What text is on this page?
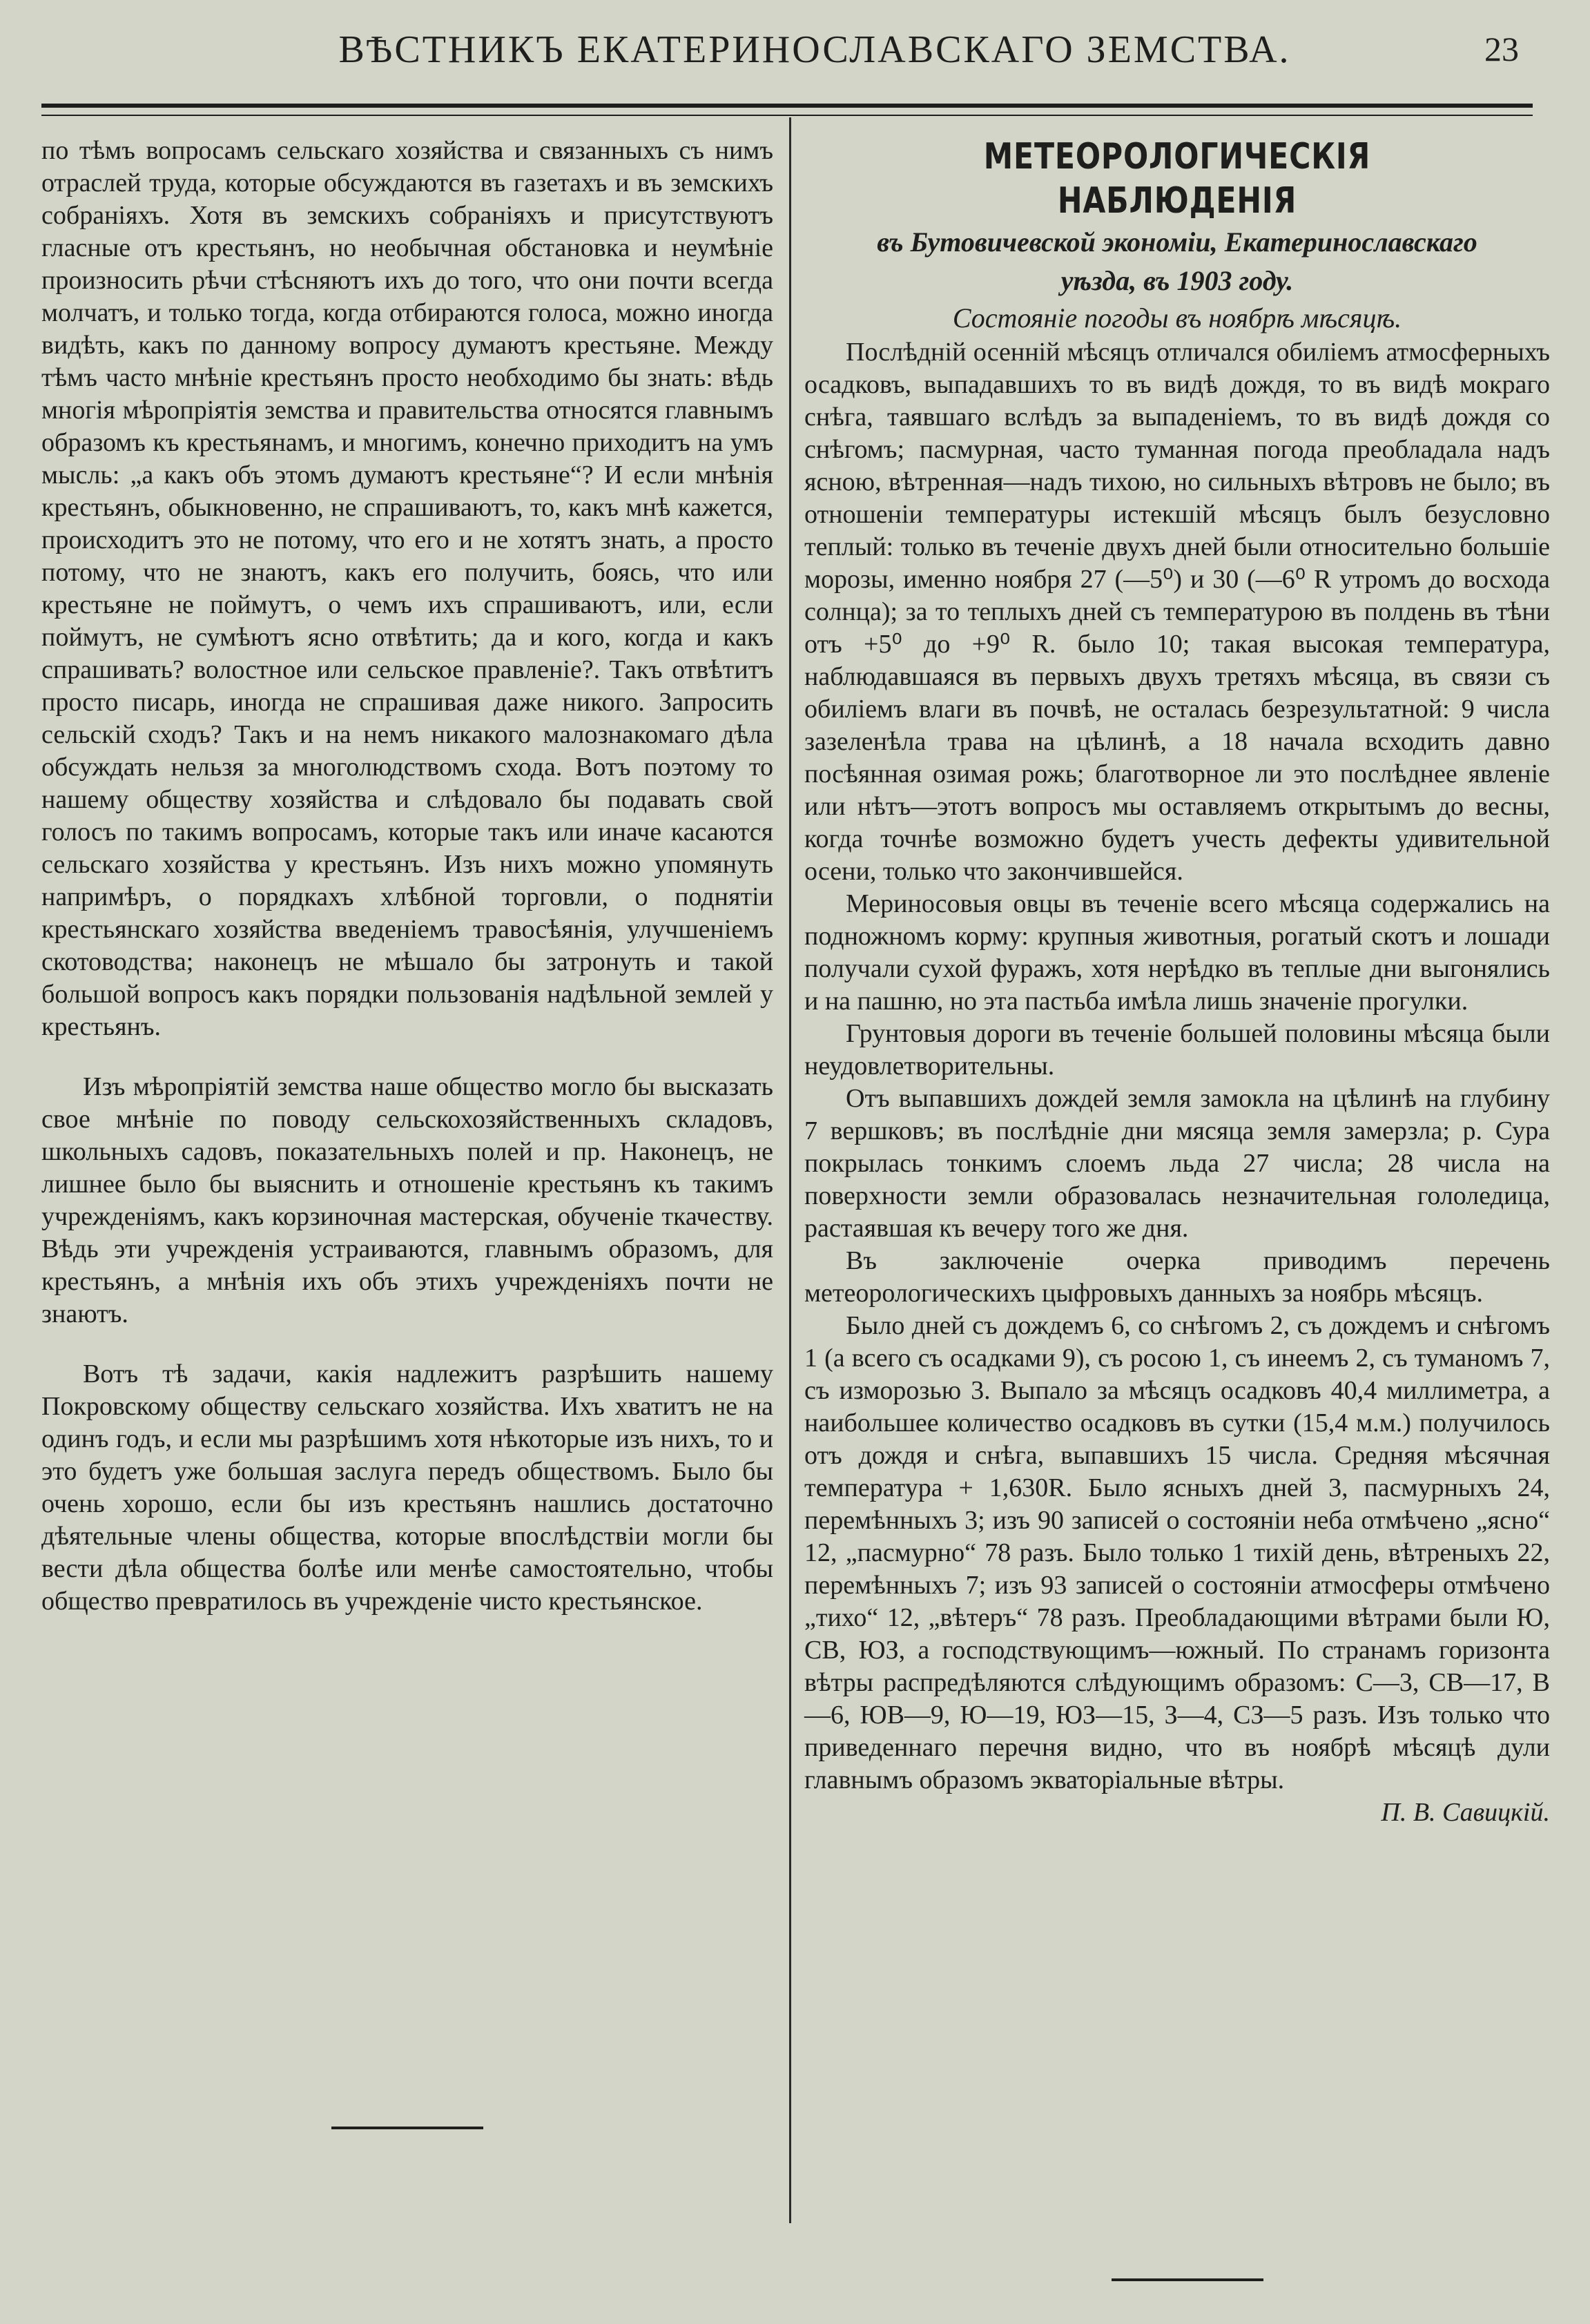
ВѢСТНИКЪ ЕКАТЕРИНОСЛАВСКАГО ЗЕМСТВА.	23

по тѣмъ вопросамъ сельскаго хозяйства и связанныхъ съ нимъ отраслей труда, которые обсуждаются въ газетахъ и въ земскихъ собраніяхъ. Хотя въ земскихъ собраніяхъ и присутствуютъ гласные отъ крестьянъ, но необычная обстановка и неумѣніе произносить рѣчи стѣсняютъ ихъ до того, что они почти всегда молчатъ, и только тогда, когда отбираются голоса, можно иногда видѣть, какъ по данному вопросу думаютъ крестьяне. Между тѣмъ часто мнѣніе крестьянъ просто необходимо бы знать: вѣдь многія мѣропріятія земства и правительства относятся главнымъ образомъ къ крестьянамъ, и многимъ, конечно приходитъ на умъ мысль: „а какъ объ этомъ думаютъ крестьяне“? И если мнѣнія крестьянъ, обыкновенно, не спрашиваютъ, то, какъ мнѣ кажется, происходитъ это не потому, что его и не хотятъ знать, а просто потому, что не знаютъ, какъ его получить, боясь, что или крестьяне не поймутъ, о чемъ ихъ спрашиваютъ, или, если поймутъ, не сумѣютъ ясно отвѣтить; да и кого, когда и какъ спрашивать? волостное или сельское правленіе?. Такъ отвѣтитъ просто писарь, иногда не спрашивая даже никого. Запросить сельскій сходъ? Такъ и на немъ никакого малознакомаго дѣла обсуждать нельзя за многолюдствомъ схода. Вотъ поэтому то нашему обществу хозяйства и слѣдовало бы подавать свой голосъ по такимъ вопросамъ, которые такъ или иначе касаются сельскаго хозяйства у крестьянъ. Изъ нихъ можно упомянуть напримѣръ, о порядкахъ хлѣбной торговли, о поднятіи крестьянскаго хозяйства введеніемъ травосѣянія, улучшеніемъ скотоводства; наконецъ не мѣшало бы затронуть и такой большой вопросъ какъ порядки пользованія надѣльной землей у крестьянъ.

Изъ мѣропріятій земства наше общество могло бы высказать свое мнѣніе по поводу сельскохозяйственныхъ складовъ, школьныхъ садовъ, показательныхъ полей и пр. Наконецъ, не лишнее было бы выяснить и отношеніе крестьянъ къ такимъ учрежденіямъ, какъ корзиночная мастерская, обученіе ткачеству. Вѣдь эти учрежденія устраиваются, главнымъ образомъ, для крестьянъ, а мнѣнія ихъ объ этихъ учрежденіяхъ почти не знаютъ.

Вотъ тѣ задачи, какія надлежитъ разрѣшить нашему Покровскому обществу сельскаго хозяйства. Ихъ хватитъ не на одинъ годъ, и если мы разрѣшимъ хотя нѣкоторые изъ нихъ, то и это будетъ уже большая заслуга передъ обществомъ. Было бы очень хорошо, если бы изъ крестьянъ нашлись достаточно дѣятельные члены общества, которые впослѣдствіи могли бы вести дѣла общества болѣе или менѣе самостоятельно, чтобы общество превратилось въ учрежденіе чисто крестьянское.

МЕТЕОРОЛОГИЧЕСКІЯ НАБЛЮДЕНІЯ

въ Бутовичевской экономіи, Екатеринославскаго

уѣзда, въ 1903 году.

Состояніе погоды въ ноябрѣ мѣсяцѣ.

Послѣдній осенній мѣсяцъ отличался обиліемъ атмосферныхъ осадковъ, выпадавшихъ то въ видѣ дождя, то въ видѣ мокраго снѣга, таявшаго вслѣдъ за выпаденіемъ, то въ видѣ дождя со снѣгомъ; пасмурная, часто туманная погода преобладала надъ ясною, вѣтренная—надъ тихою, но сильныхъ вѣтровъ не было; въ отношеніи температуры истекшій мѣсяцъ былъ безусловно теплый: только въ теченіе двухъ дней были относительно большіе морозы, именно ноября 27 (—5⁰) и 30 (—6⁰ R утромъ до восхода солнца); за то теплыхъ дней съ температурою въ полдень въ тѣни отъ +5⁰ до +9⁰ R. было 10; такая высокая температура, наблюдавшаяся въ первыхъ двухъ третяхъ мѣсяца, въ связи съ обиліемъ влаги въ почвѣ, не осталась безрезультатной: 9 числа зазеленѣла трава на цѣлинѣ, а 18 начала всходить давно посѣянная озимая рожь; благотворное ли это послѣднее явленіе или нѣтъ—этотъ вопросъ мы оставляемъ открытымъ до весны, когда точнѣе возможно будетъ учесть дефекты удивительной осени, только что закончившейся.

Мериносовыя овцы въ теченіе всего мѣсяца содержались на подножномъ корму: крупныя животныя, рогатый скотъ и лошади получали сухой фуражъ, хотя нерѣдко въ теплые дни выгонялись и на пашню, но эта пастьба имѣла лишь значеніе прогулки.

Грунтовыя дороги въ теченіе большей половины мѣсяца были неудовлетворительны.

Отъ выпавшихъ дождей земля замокла на цѣлинѣ на глубину 7 вершковъ; въ послѣдніе дни мясяца земля замерзла; р. Сура покрылась тонкимъ слоемъ льда 27 числа; 28 числа на поверхности земли образовалась незначительная гололедица, растаявшая къ вечеру того же дня.

Въ заключеніе очерка приводимъ перечень метеорологическихъ цыфровыхъ данныхъ за ноябрь мѣсяцъ.

Было дней съ дождемъ 6, со снѣгомъ 2, съ дождемъ и снѣгомъ 1 (а всего съ осадками 9), съ росою 1, съ инеемъ 2, съ туманомъ 7, съ изморозью 3. Выпало за мѣсяцъ осадковъ 40,4 миллиметра, а наибольшее количество осадковъ въ сутки (15,4 м.м.) получилось отъ дождя и снѣга, выпавшихъ 15 числа. Средняя мѣсячная температура + 1,630R. Было ясныхъ дней 3, пасмурныхъ 24, перемѣнныхъ 3; изъ 90 записей о состояніи неба отмѣчено „ясно“ 12, „пасмурно“ 78 разъ. Было только 1 тихій день, вѣтреныхъ 22, перемѣнныхъ 7; изъ 93 записей о состояніи атмосферы отмѣчено „тихо“ 12, „вѣтеръ“ 78 разъ. Преобладающими вѣтрами были Ю, СВ, ЮЗ, а господствующимъ—южный. По странамъ горизонта вѣтры распредѣляются слѣдующимъ образомъ: С—3, СВ—17, В—6, ЮВ—9, Ю—19, ЮЗ—15, З—4, СЗ—5 разъ. Изъ только что приведеннаго перечня видно, что въ ноябрѣ мѣсяцѣ дули главнымъ образомъ экваторіальные вѣтры.

П. В. Савицкій.
